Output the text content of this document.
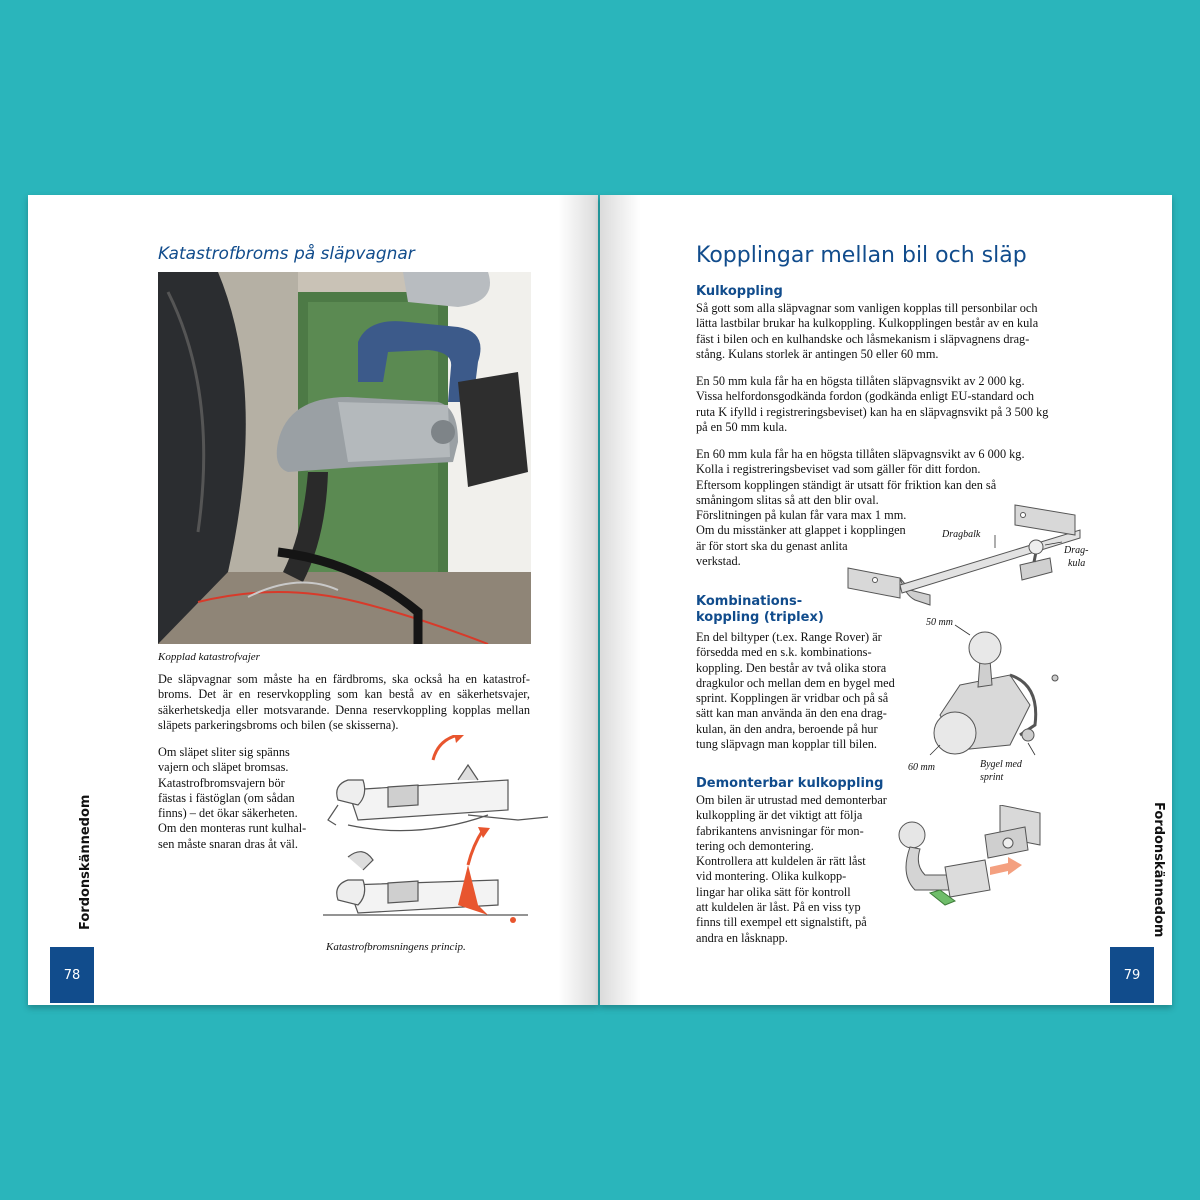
Katastrofbroms på släpvagnar
Kopplad katastrofvajer

De släpvagnar som måste ha en färdbroms, ska också ha en katastrof-broms. Det är en reservkoppling som kan bestå av en säkerhetsvajer, säkerhetskedja eller motsvarande. Denna reservkoppling kopplas mellan släpets parkeringsbroms och bilen (se skisserna).

Om släpet sliter sig spänns
vajern och släpet bromsas.
Katastrofbromsvajern bör
fästas i fästöglan (om sådan
finns) – det ökar säkerheten.
Om den monteras runt kulhal-
sen måste snaran dras åt väl.
Katastrofbromsningens princip.
Fordonskännedom
78
Kopplingar mellan bil och släp
Kulkoppling
Så gott som alla släpvagnar som vanligen kopplas till personbilar och
lätta lastbilar brukar ha kulkoppling. Kulkopplingen består av en kula
fäst i bilen och en kulhandske och låsmekanism i släpvagnens drag-
stång. Kulans storlek är antingen 50 eller 60 mm.
En 50 mm kula får ha en högsta tillåten släpvagnsvikt av 2 000 kg.
Vissa helfordonsgodkända fordon (godkända enligt EU-standard och
ruta K ifylld i registreringsbeviset) kan ha en släpvagnsvikt på 3 500 kg
på en 50 mm kula.
En 60 mm kula får ha en högsta tillåten släpvagnsvikt av 6 000 kg.
Kolla i registreringsbeviset vad som gäller för ditt fordon.
Eftersom kopplingen ständigt är utsatt för friktion kan den så
småningom slitas så att den blir oval.
Förslitningen på kulan får vara max 1 mm.
Om du misstänker att glappet i kopplingen
är för stort ska du genast anlita
verkstad.
Dragbalk
Drag-
kula
Kombinations-
koppling (triplex)
En del biltyper (t.ex. Range Rover) är
försedda med en s.k. kombinations-
koppling. Den består av två olika stora
dragkulor och mellan dem en bygel med
sprint. Kopplingen är vridbar och på så
sätt kan man använda än den ena drag-
kulan, än den andra, beroende på hur
tung släpvagn man kopplar till bilen.
50 mm
60 mm	Bygel med
sprint
Demonterbar kulkoppling
Om bilen är utrustad med demonterbar
kulkoppling är det viktigt att följa
fabrikantens anvisningar för mon-
tering och demontering.
Kontrollera att kuldelen är rätt låst
vid montering. Olika kulkopp-
lingar har olika sätt för kontroll
att kuldelen är låst. På en viss typ
finns till exempel ett signalstift, på
andra en låsknapp.
Fordonskännedom
79
